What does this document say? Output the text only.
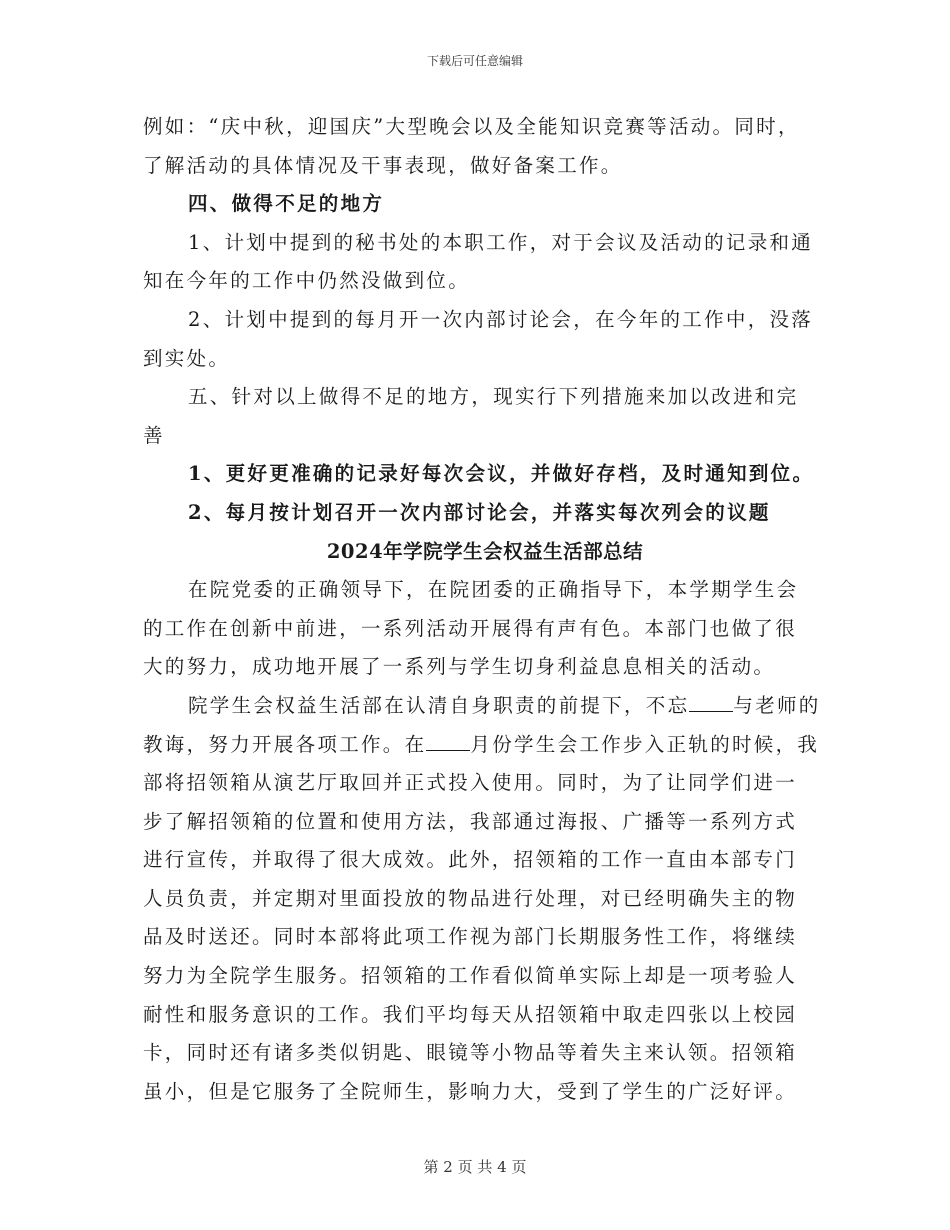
下载后可任意编辑
例如：“庆中秋，迎国庆”大型晚会以及全能知识竞赛等活动。同时，
了解活动的具体情况及干事表现，做好备案工作。
四、做得不足的地方
1、计划中提到的秘书处的本职工作，对于会议及活动的记录和通
知在今年的工作中仍然没做到位。
2、计划中提到的每月开一次内部讨论会，在今年的工作中，没落
到实处。
五、针对以上做得不足的地方，现实行下列措施来加以改进和完
善
1、更好更准确的记录好每次会议，并做好存档，及时通知到位。
2、每月按计划召开一次内部讨论会，并落实每次列会的议题
2024年学院学生会权益生活部总结
在院党委的正确领导下，在院团委的正确指导下，本学期学生会
的工作在创新中前进，一系列活动开展得有声有色。本部门也做了很
大的努力，成功地开展了一系列与学生切身利益息息相关的活动。
院学生会权益生活部在认清自身职责的前提下，不忘 与老师的
教诲，努力开展各项工作。在 月份学生会工作步入正轨的时候，我
部将招领箱从演艺厅取回并正式投入使用。同时，为了让同学们进一
步了解招领箱的位置和使用方法，我部通过海报、广播等一系列方式
进行宣传，并取得了很大成效。此外，招领箱的工作一直由本部专门
人员负责，并定期对里面投放的物品进行处理，对已经明确失主的物
品及时送还。同时本部将此项工作视为部门长期服务性工作，将继续
努力为全院学生服务。招领箱的工作看似简单实际上却是一项考验人
耐性和服务意识的工作。我们平均每天从招领箱中取走四张以上校园
卡，同时还有诸多类似钥匙、眼镜等小物品等着失主来认领。招领箱
虽小，但是它服务了全院师生，影响力大，受到了学生的广泛好评。
第 2 页 共 4 页
